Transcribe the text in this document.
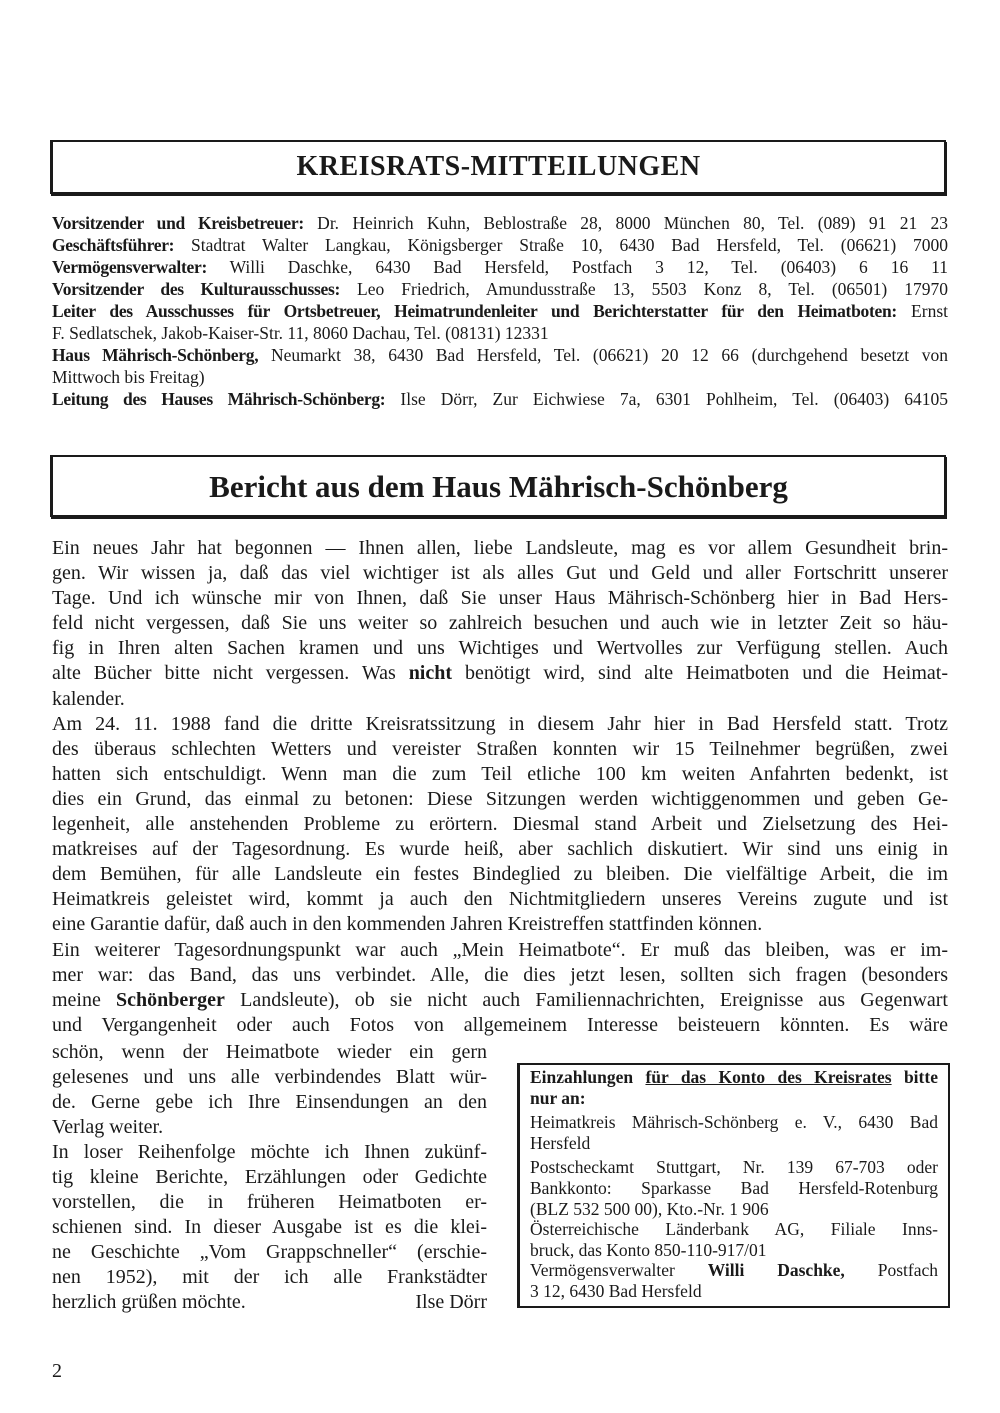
KREISRATS-MITTEILUNGEN
Vorsitzender und Kreisbetreuer: Dr. Heinrich Kuhn, Beblostraße 28, 8000 München 80, Tel. (089) 91 21 23
Geschäftsführer: Stadtrat Walter Langkau, Königsberger Straße 10, 6430 Bad Hersfeld, Tel. (06621) 7000
Vermögensverwalter: Willi Daschke, 6430 Bad Hersfeld, Postfach 3 12, Tel. (06403) 6 16 11
Vorsitzender des Kulturausschusses: Leo Friedrich, Amundusstraße 13, 5503 Konz 8, Tel. (06501) 17970
Leiter des Ausschusses für Ortsbetreuer, Heimatrundenleiter und Berichterstatter für den Heimatboten: Ernst
F. Sedlatschek, Jakob-Kaiser-Str. 11, 8060 Dachau, Tel. (08131) 12331
Haus Mährisch-Schönberg, Neumarkt 38, 6430 Bad Hersfeld, Tel. (06621) 20 12 66 (durchgehend besetzt von
Mittwoch bis Freitag)
Leitung des Hauses Mährisch-Schönberg: Ilse Dörr, Zur Eichwiese 7a, 6301 Pohlheim, Tel. (06403) 64105
Bericht aus dem Haus Mährisch-Schönberg
Ein neues Jahr hat begonnen — Ihnen allen, liebe Landsleute, mag es vor allem Gesundheit brin-
gen. Wir wissen ja, daß das viel wichtiger ist als alles Gut und Geld und aller Fortschritt unserer
Tage. Und ich wünsche mir von Ihnen, daß Sie unser Haus Mährisch-Schönberg hier in Bad Hers-
feld nicht vergessen, daß Sie uns weiter so zahlreich besuchen und auch wie in letzter Zeit so häu-
fig in Ihren alten Sachen kramen und uns Wichtiges und Wertvolles zur Verfügung stellen. Auch
alte Bücher bitte nicht vergessen. Was nicht benötigt wird, sind alte Heimatboten und die Heimat-
kalender.
Am 24. 11. 1988 fand die dritte Kreisratssitzung in diesem Jahr hier in Bad Hersfeld statt. Trotz
des überaus schlechten Wetters und vereister Straßen konnten wir 15 Teilnehmer begrüßen, zwei
hatten sich entschuldigt. Wenn man die zum Teil etliche 100 km weiten Anfahrten bedenkt, ist
dies ein Grund, das einmal zu betonen: Diese Sitzungen werden wichtiggenommen und geben Ge-
legenheit, alle anstehenden Probleme zu erörtern. Diesmal stand Arbeit und Zielsetzung des Hei-
matkreises auf der Tagesordnung. Es wurde heiß, aber sachlich diskutiert. Wir sind uns einig in
dem Bemühen, für alle Landsleute ein festes Bindeglied zu bleiben. Die vielfältige Arbeit, die im
Heimatkreis geleistet wird, kommt ja auch den Nichtmitgliedern unseres Vereins zugute und ist
eine Garantie dafür, daß auch in den kommenden Jahren Kreistreffen stattfinden können.
Ein weiterer Tagesordnungspunkt war auch „Mein Heimatbote“. Er muß das bleiben, was er im-
mer war: das Band, das uns verbindet. Alle, die dies jetzt lesen, sollten sich fragen (besonders
meine Schönberger Landsleute), ob sie nicht auch Familiennachrichten, Ereignisse aus Gegenwart
und Vergangenheit oder auch Fotos von allgemeinem Interesse beisteuern könnten. Es wäre
schön, wenn der Heimatbote wieder ein gern
gelesenes und uns alle verbindendes Blatt wür-
de. Gerne gebe ich Ihre Einsendungen an den
Verlag weiter.
In loser Reihenfolge möchte ich Ihnen zukünf-
tig kleine Berichte, Erzählungen oder Gedichte
vorstellen, die in früheren Heimatboten er-
schienen sind. In dieser Ausgabe ist es die klei-
ne Geschichte „Vom Grappschneller“ (erschie-
nen 1952), mit der ich alle Frankstädter
herzlich grüßen möchte.	Ilse Dörr
Einzahlungen für das Konto des Kreisrates bitte
nur an:
Heimatkreis Mährisch-Schönberg e. V., 6430 Bad
Hersfeld
Postscheckamt Stuttgart, Nr. 139 67-703 oder
Bankkonto: Sparkasse Bad Hersfeld-Rotenburg
(BLZ 532 500 00), Kto.-Nr. 1 906
Österreichische Länderbank AG, Filiale Inns-
bruck, das Konto 850-110-917/01
Vermögensverwalter Willi Daschke, Postfach
3 12, 6430 Bad Hersfeld
2
